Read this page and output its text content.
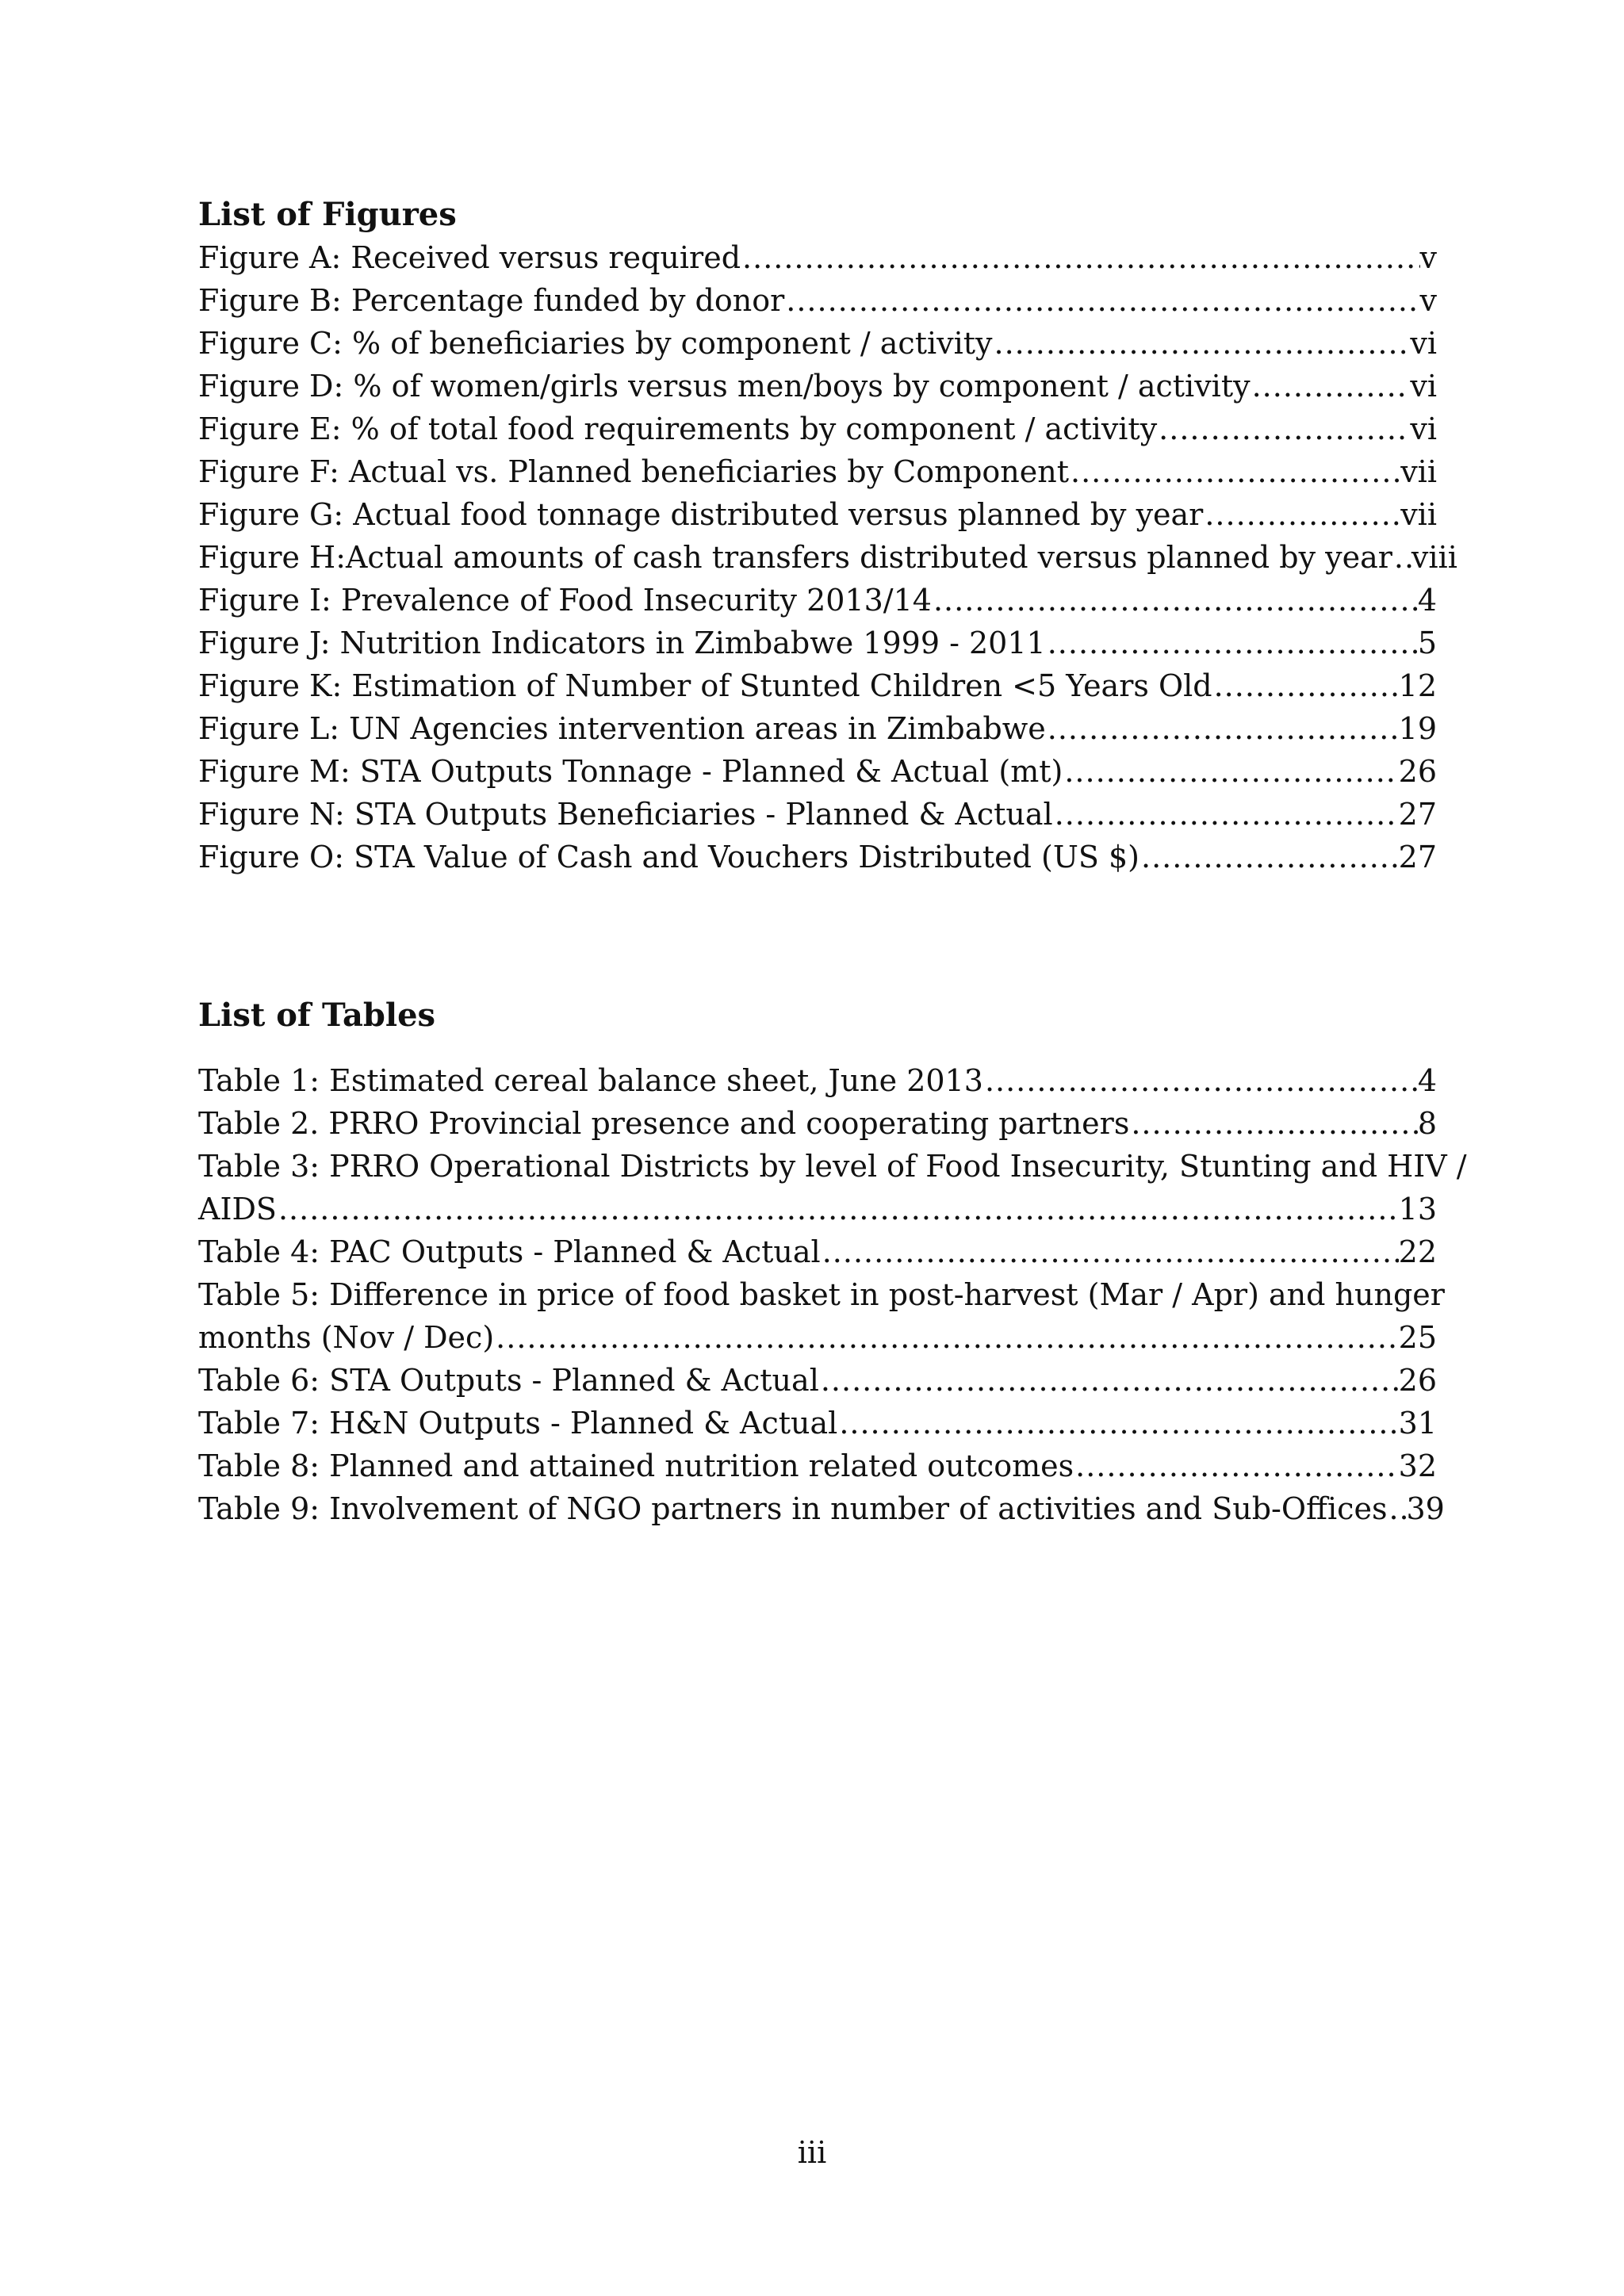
List of Figures
Figure A: Received versus required .....	v
Figure B: Percentage funded by donor .....	v
Figure C: % of beneficiaries by component / activity .....	vi
Figure D: % of women/girls versus men/boys by component / activity .....	vi
Figure E: % of total food requirements by component / activity .....	vi
Figure F: Actual vs. Planned beneficiaries by Component .....	vii
Figure G: Actual food tonnage distributed versus planned by year .....	vii
Figure H:Actual amounts of cash transfers distributed versus planned by year ..... viii
Figure I: Prevalence of Food Insecurity 2013/14 .....	4
Figure J: Nutrition Indicators in Zimbabwe 1999 - 2011 .....	5
Figure K: Estimation of Number of Stunted Children <5 Years Old .....	12
Figure L: UN Agencies intervention areas in Zimbabwe .....	19
Figure M: STA Outputs Tonnage - Planned & Actual (mt) .....	26
Figure N: STA Outputs Beneficiaries - Planned & Actual .....	27
Figure O: STA Value of Cash and Vouchers Distributed (US $) .....	27
List of Tables
Table 1: Estimated cereal balance sheet, June 2013 .....	4
Table 2. PRRO Provincial presence and cooperating partners .....	8
Table 3: PRRO Operational Districts by level of Food Insecurity, Stunting and HIV /
AIDS .....	13
Table 4: PAC Outputs - Planned & Actual .....	22
Table 5: Difference in price of food basket in post-harvest (Mar / Apr) and hunger
months (Nov / Dec) .....	25
Table 6: STA Outputs - Planned & Actual .....	26
Table 7: H&N Outputs - Planned & Actual .....	31
Table 8: Planned and attained nutrition related outcomes .....	32
Table 9: Involvement of NGO partners in number of activities and Sub-Offices ..... 39
iii
